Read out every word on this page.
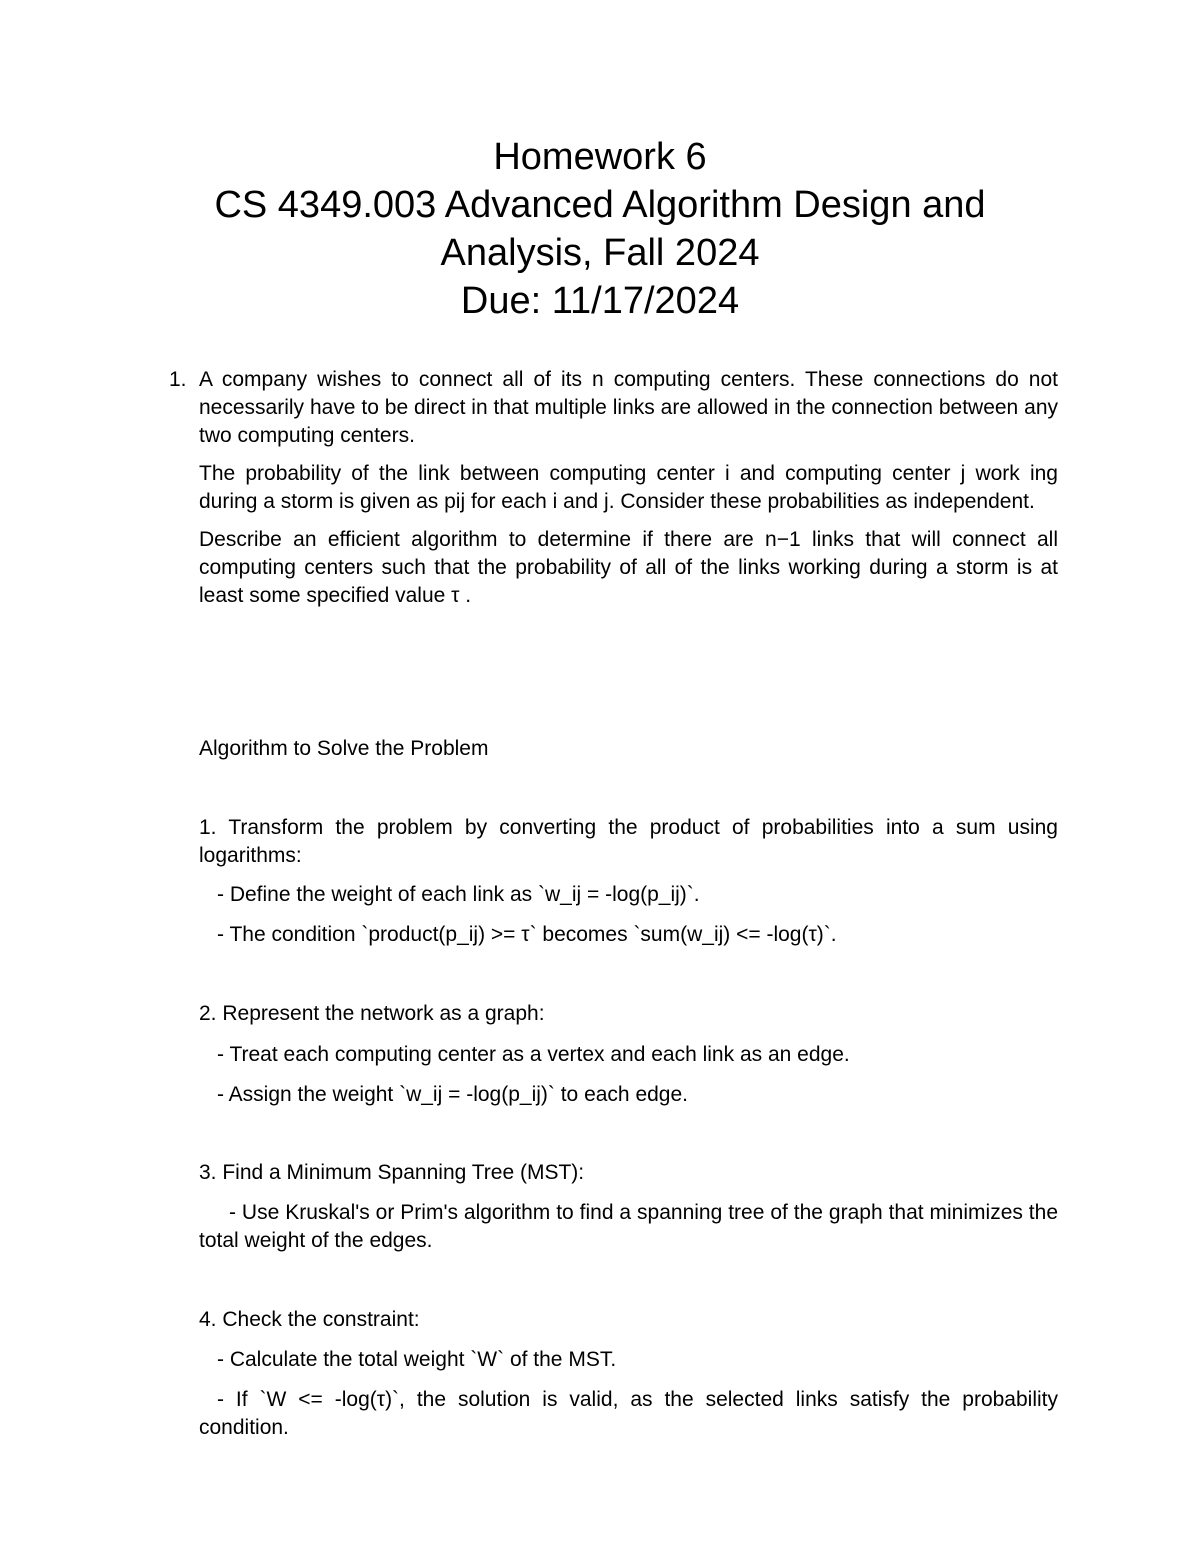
Homework 6
CS 4349.003 Advanced Algorithm Design and
Analysis, Fall 2024
Due: 11/17/2024
1. A company wishes to connect all of its n computing centers. These connections do not necessarily have to be direct in that multiple links are allowed in the connection between any two computing centers.

The probability of the link between computing center i and computing center j work ing during a storm is given as pij for each i and j. Consider these probabilities as independent.

Describe an efficient algorithm to determine if there are n−1 links that will connect all computing centers such that the probability of all of the links working during a storm is at least some specified value τ .

Algorithm to Solve the Problem
1. Transform the problem by converting the product of probabilities into a sum using logarithms:
- Define the weight of each link as `w_ij = -log(p_ij)`.
- The condition `product(p_ij) >= τ` becomes `sum(w_ij) <= -log(τ)`.
2. Represent the network as a graph:
- Treat each computing center as a vertex and each link as an edge.
- Assign the weight `w_ij = -log(p_ij)` to each edge.
3. Find a Minimum Spanning Tree (MST):
- Use Kruskal's or Prim's algorithm to find a spanning tree of the graph that minimizes the total weight of the edges.
4. Check the constraint:
- Calculate the total weight `W` of the MST.
- If `W <= -log(τ)`, the solution is valid, as the selected links satisfy the probability condition.
